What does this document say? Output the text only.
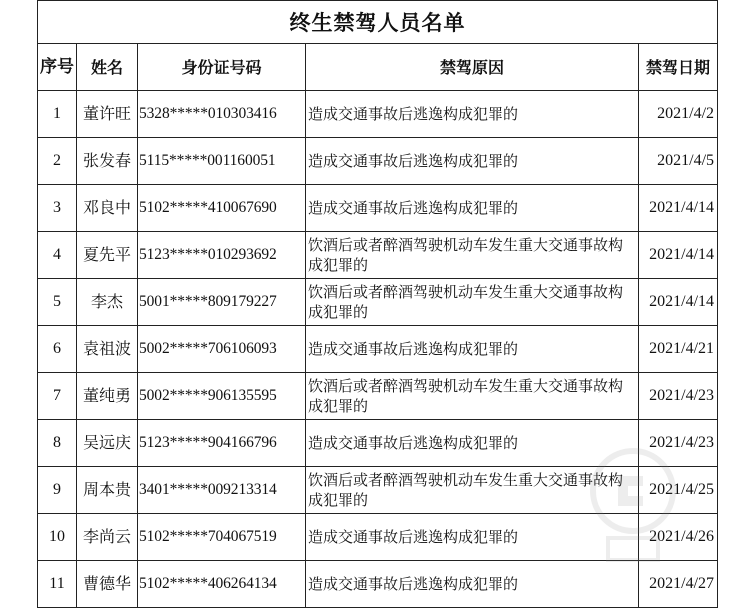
终生禁驾人员名单				
序号	姓名	身份证号码	禁驾原因	禁驾日期
1	董许旺	5328*****010303416	造成交通事故后逃逸构成犯罪的	2021/4/2
2	张发春	5115*****001160051	造成交通事故后逃逸构成犯罪的	2021/4/5
3	邓良中	5102*****410067690	造成交通事故后逃逸构成犯罪的	2021/4/14
4	夏先平	5123*****010293692	饮酒后或者醉酒驾驶机动车发生重大交通事故构成犯罪的	2021/4/14
5	李杰	5001*****809179227	饮酒后或者醉酒驾驶机动车发生重大交通事故构成犯罪的	2021/4/14
6	袁祖波	5002*****706106093	造成交通事故后逃逸构成犯罪的	2021/4/21
7	董纯勇	5002*****906135595	饮酒后或者醉酒驾驶机动车发生重大交通事故构成犯罪的	2021/4/23
8	吴远庆	5123*****904166796	造成交通事故后逃逸构成犯罪的	2021/4/23
9	周本贵	3401*****009213314	饮酒后或者醉酒驾驶机动车发生重大交通事故构成犯罪的	2021/4/25
10	李尚云	5102*****704067519	造成交通事故后逃逸构成犯罪的	2021/4/26
11	曹德华	5102*****406264134	造成交通事故后逃逸构成犯罪的	2021/4/27
